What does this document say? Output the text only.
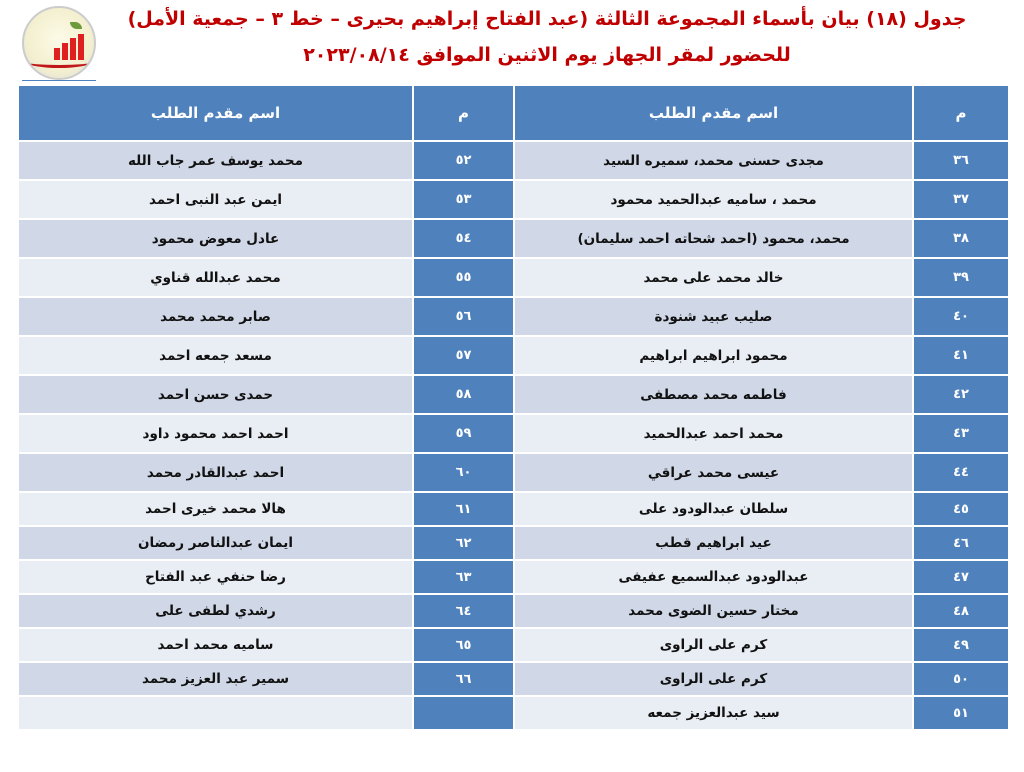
جدول (١٨) بيان بأسماء المجموعة الثالثة (عبد الفتاح إبراهيم بحيرى – خط ٣ – جمعية الأمل)
للحضور لمقر الجهاز يوم الاثنين الموافق ٢٠٢٣/٠٨/١٤
م	اسم مقدم الطلب	م	اسم مقدم الطلب
٣٦	مجدى حسنى محمد، سميره السيد	٥٢	محمد يوسف عمر جاب الله
٣٧	محمد ، ساميه عبدالحميد محمود	٥٣	ايمن عبد النبى احمد
٣٨	محمد، محمود (احمد شحاته احمد سليمان)	٥٤	عادل معوض محمود
٣٩	خالد محمد على محمد	٥٥	محمد عبدالله قناوي
٤٠	صليب عبيد شنودة	٥٦	صابر محمد محمد
٤١	محمود ابراهيم ابراهيم	٥٧	مسعد جمعه احمد
٤٢	فاطمه محمد مصطفى	٥٨	حمدى حسن احمد
٤٣	محمد احمد عبدالحميد	٥٩	احمد احمد محمود داود
٤٤	عيسى محمد عراقي	٦٠	احمد عبدالقادر محمد
٤٥	سلطان عبدالودود على	٦١	هالا محمد خيرى احمد
٤٦	عيد ابراهيم قطب	٦٢	ايمان عبدالناصر رمضان
٤٧	عبدالودود عبدالسميع عفيفى	٦٣	رضا حنفي عبد الفتاح
٤٨	مختار حسين الضوى محمد	٦٤	رشدي لطفى على
٤٩	كرم على الراوى	٦٥	ساميه محمد احمد
٥٠	كرم على الراوى	٦٦	سمير عبد العزيز محمد
٥١	سيد عبدالعزيز جمعه		
